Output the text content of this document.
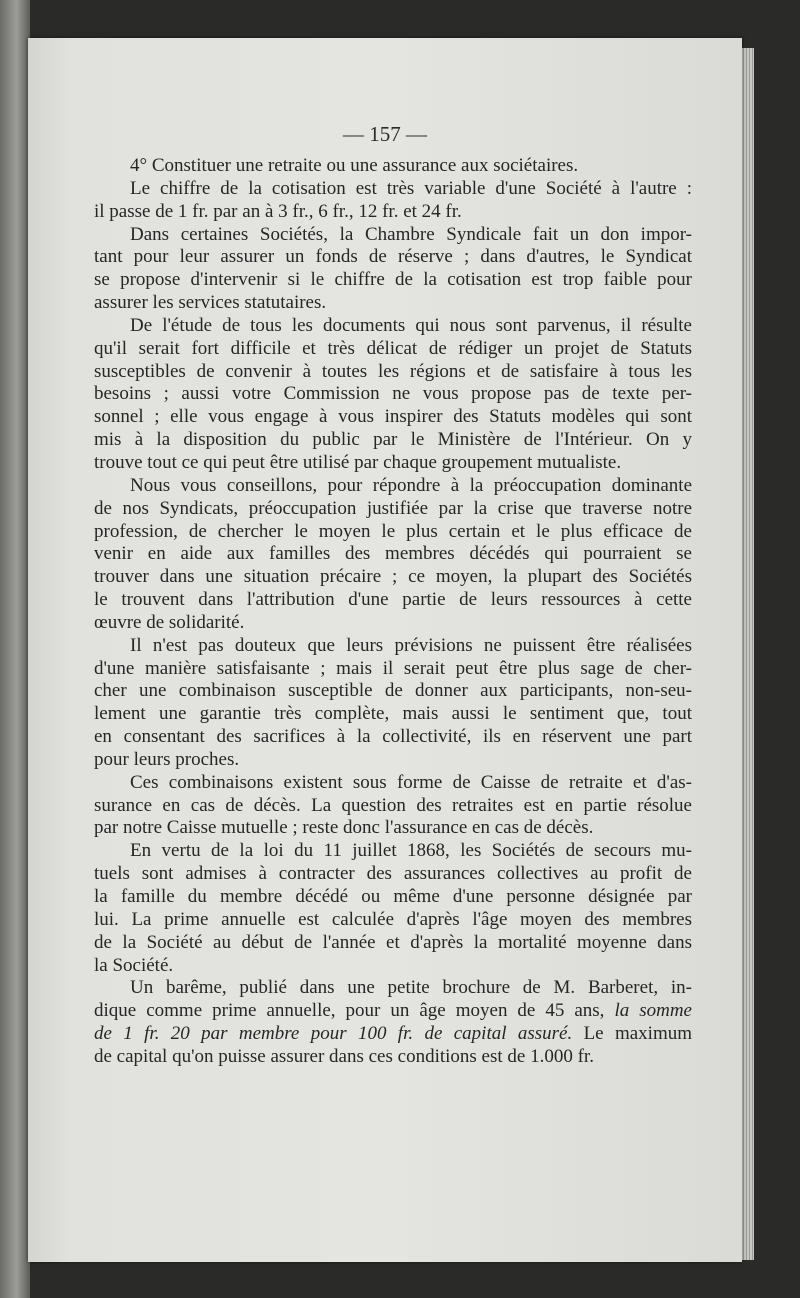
— 157 —
4° Constituer une retraite ou une assurance aux sociétaires.
Le chiffre de la cotisation est très variable d'une Société à l'autre :
il passe de 1 fr. par an à 3 fr., 6 fr., 12 fr. et 24 fr.
Dans certaines Sociétés, la Chambre Syndicale fait un don impor-
tant pour leur assurer un fonds de réserve ; dans d'autres, le Syndicat
se propose d'intervenir si le chiffre de la cotisation est trop faible pour
assurer les services statutaires.
De l'étude de tous les documents qui nous sont parvenus, il résulte
qu'il serait fort difficile et très délicat de rédiger un projet de Statuts
susceptibles de convenir à toutes les régions et de satisfaire à tous les
besoins ; aussi votre Commission ne vous propose pas de texte per-
sonnel ; elle vous engage à vous inspirer des Statuts modèles qui sont
mis à la disposition du public par le Ministère de l'Intérieur. On y
trouve tout ce qui peut être utilisé par chaque groupement mutualiste.
Nous vous conseillons, pour répondre à la préoccupation dominante
de nos Syndicats, préoccupation justifiée par la crise que traverse notre
profession, de chercher le moyen le plus certain et le plus efficace de
venir en aide aux familles des membres décédés qui pourraient se
trouver dans une situation précaire ; ce moyen, la plupart des Sociétés
le trouvent dans l'attribution d'une partie de leurs ressources à cette
œuvre de solidarité.
Il n'est pas douteux que leurs prévisions ne puissent être réalisées
d'une manière satisfaisante ; mais il serait peut être plus sage de cher-
cher une combinaison susceptible de donner aux participants, non-seu-
lement une garantie très complète, mais aussi le sentiment que, tout
en consentant des sacrifices à la collectivité, ils en réservent une part
pour leurs proches.
Ces combinaisons existent sous forme de Caisse de retraite et d'as-
surance en cas de décès. La question des retraites est en partie résolue
par notre Caisse mutuelle ; reste donc l'assurance en cas de décès.
En vertu de la loi du 11 juillet 1868, les Sociétés de secours mu-
tuels sont admises à contracter des assurances collectives au profit de
la famille du membre décédé ou même d'une personne désignée par
lui. La prime annuelle est calculée d'après l'âge moyen des membres
de la Société au début de l'année et d'après la mortalité moyenne dans
la Société.
Un barême, publié dans une petite brochure de M. Barberet, in-
dique comme prime annuelle, pour un âge moyen de 45 ans, la somme
de 1 fr. 20 par membre pour 100 fr. de capital assuré. Le maximum
de capital qu'on puisse assurer dans ces conditions est de 1.000 fr.
